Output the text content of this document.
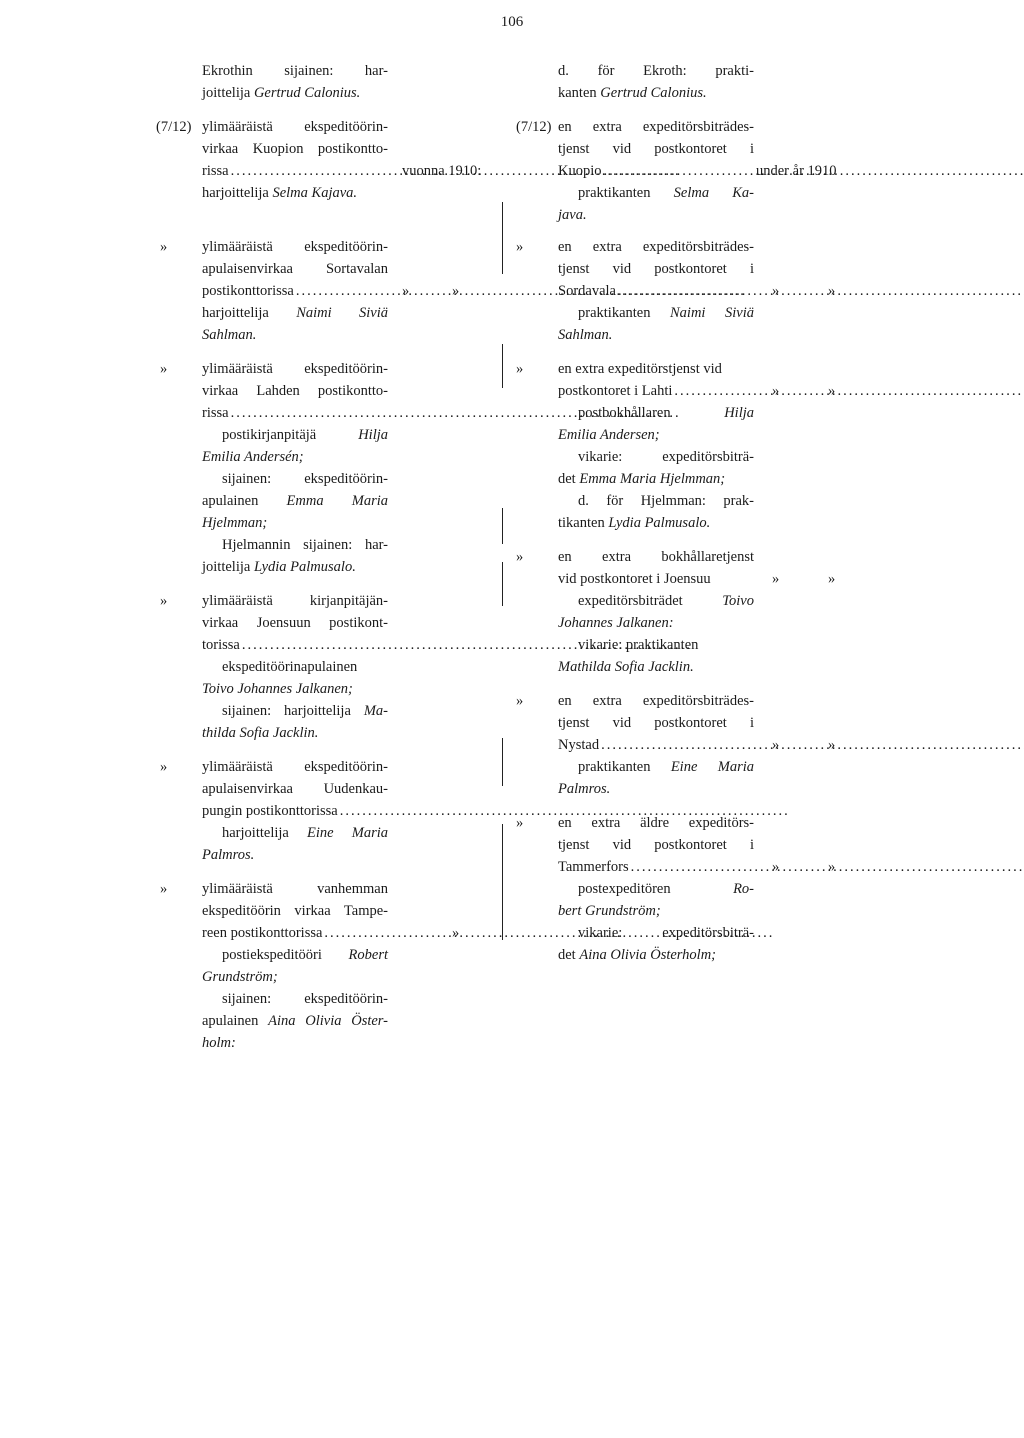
106
Ekrothin sijainen: har-
joittelija Gertrud Calonius.
(7/12) ylimääräistä ekspeditöörin-
virkaa Kuopion postikontto-
rissa .....	vuonna 1910:
harjoittelija Selma Kajava.
» ylimääräistä ekspeditöörin-
apulaisenvirkaa Sortavalan
postikonttorissa .....	»	»
harjoittelija Naimi Siviä
Sahlman.
» ylimääräistä ekspeditöörin-
virkaa Lahden postikontto-
rissa.....
postikirjanpitäjä Hilja
Emilia Andersén;
sijainen: ekspeditöörin-
apulainen Emma Maria
Hjelmman;
Hjelmannin sijainen: har-
joittelija Lydia Palmusalo.
» ylimääräistä kirjanpitäjän-
virkaa Joensuun postikont-
torissa.....
ekspeditöörinapulainen
Toivo Johannes Jalkanen;
sijainen: harjoittelija Ma-
thilda Sofia Jacklin.
» ylimääräistä ekspeditöörin-
apulaisenvirkaa Uudenkau-
pungin postikonttorissa.....
harjoittelija Eine Maria
Palmros.
» ylimääräistä vanhemman
ekspeditöörin virkaa Tampe-
reen postikonttorissa .....	»
postiekspeditööri Robert
Grundström;
sijainen: ekspeditöörin-
apulainen Aina Olivia Öster-
holm:
d. för Ekroth: prakti-
kanten Gertrud Calonius.
(7/12) en extra expeditörsbiträdes-
tjenst vid postkontoret i
Kuopio .....	under år 1910
praktikanten Selma Ka-
java.
» en extra expeditörsbiträdes-
tjenst vid postkontoret i
Sordavala .....	»	»
praktikanten Naimi Siviä
Sahlman.
» en extra expeditörstjenst vid
postkontoret i Lahti .....	»	»
postbokhållaren Hilja
Emilia Andersen;
vikarie: expeditörsbiträ-
det Emma Maria Hjelmman;
d. för Hjelmman: prak-
tikanten Lydia Palmusalo.
» en extra bokhållaretjenst
vid postkontoret i Joensuu	»	»
expeditörsbiträdet Toivo
Johannes Jalkanen:
vikarie: praktikanten
Mathilda Sofia Jacklin.
» en extra expeditörsbiträdes-
tjenst vid postkontoret i
Nystad .....	»	»
praktikanten Eine Maria
Palmros.
» en extra äldre expeditörs-
tjenst vid postkontoret i
Tammerfors .....	»	»
postexpeditören Ro-
bert Grundström;
vikarie: expeditörsbiträ-
det Aina Olivia Österholm;
